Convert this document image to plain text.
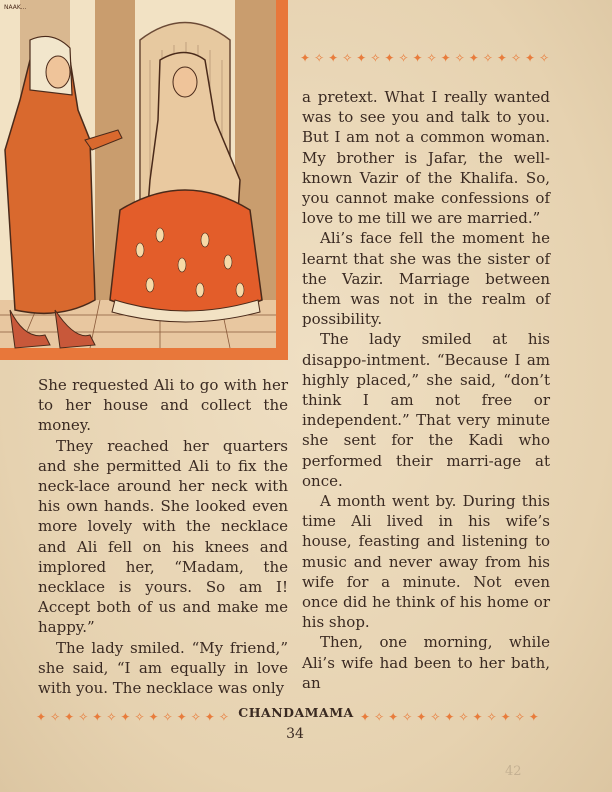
NAAK...
✦ ✧ ✦ ✧ ✦ ✧ ✦ ✧ ✦ ✧ ✦ ✧ ✦ ✧ ✦ ✧ ✦ ✧

She requested Ali to go with her to her house and collect the money.

They reached her quarters and she permitted Ali to fix the neck-lace around her neck with his own hands. She looked even more lovely with the necklace and Ali fell on his knees and implored her, “Madam, the necklace is yours. So am I! Accept both of us and make me happy.”

The lady smiled. “My friend,” she said, “I am equally in love with you. The necklace was only

a pretext. What I really wanted was to see you and talk to you. But I am not a common woman. My brother is Jafar, the well-known Vazir of the Khalifa. So, you cannot make confessions of love to me till we are married.”

Ali’s face fell the moment he learnt that she was the sister of the Vazir. Marriage between them was not in the realm of possibility.

The lady smiled at his disappo-intment. “Because I am highly placed,” she said, “don’t think I am not free or independent.” That very minute she sent for the Kadi who performed their marri-age at once.

A month went by. During this time Ali lived in his wife’s house, feasting and listening to music and never away from his wife for a minute. Not even once did he think of his home or his shop.

Then, one morning, while Ali’s wife had been to her bath, an

✦ ✧ ✦ ✧ ✦ ✧ ✦ ✧ ✦ ✧ ✦ ✧ ✦ ✧ CHANDAMAMA ✦ ✧ ✦ ✧ ✦ ✧ ✦ ✧ ✦ ✧ ✦ ✧ ✦
34
42
